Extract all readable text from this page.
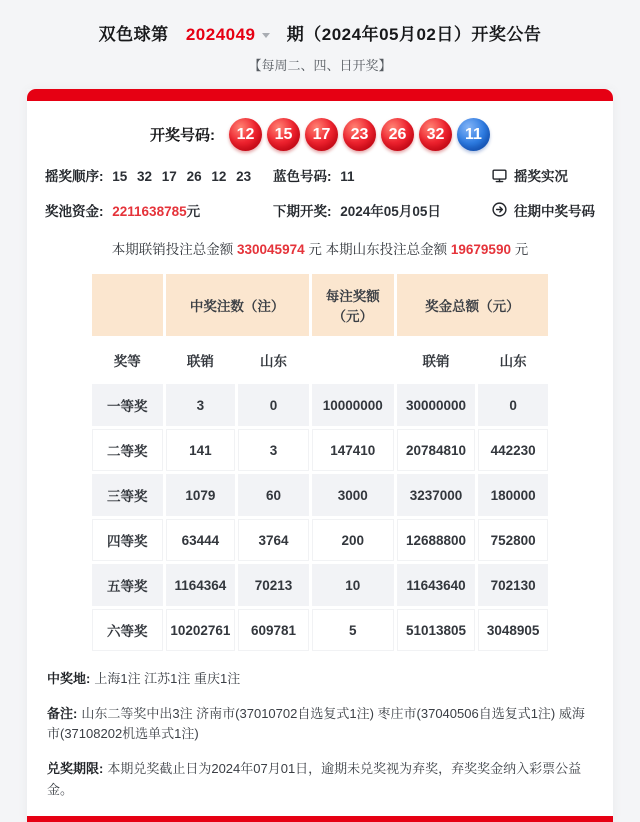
双色球第 2024049 期（2024年05月02日）开奖公告
【每周二、四、日开奖】
开奖号码:	12	15	17	23	26	32	11
摇奖顺序: 15 32 17 26 12 23	蓝色号码: 11	摇奖实况
奖池资金: 2211638785元	下期开奖: 2024年05月05日	往期中奖号码
本期联销投注总金额 330045974 元 本期山东投注总金额 19679590 元
	中奖注数（注）		每注奖额（元）	奖金总额（元）	
奖等	联销	山东		联销	山东
一等奖	3	0	10000000	30000000	0
二等奖	141	3	147410	20784810	442230
三等奖	1079	60	3000	3237000	180000
四等奖	63444	3764	200	12688800	752800
五等奖	1164364	70213	10	11643640	702130
六等奖	10202761	609781	5	51013805	3048905
中奖地: 上海1注 江苏1注 重庆1注
备注: 山东二等奖中出3注 济南市(37010702自选复式1注) 枣庄市(37040506自选复式1注) 威海市(37108202机选单式1注)
兑奖期限: 本期兑奖截止日为2024年07月01日，逾期未兑奖视为弃奖，弃奖奖金纳入彩票公益金。
